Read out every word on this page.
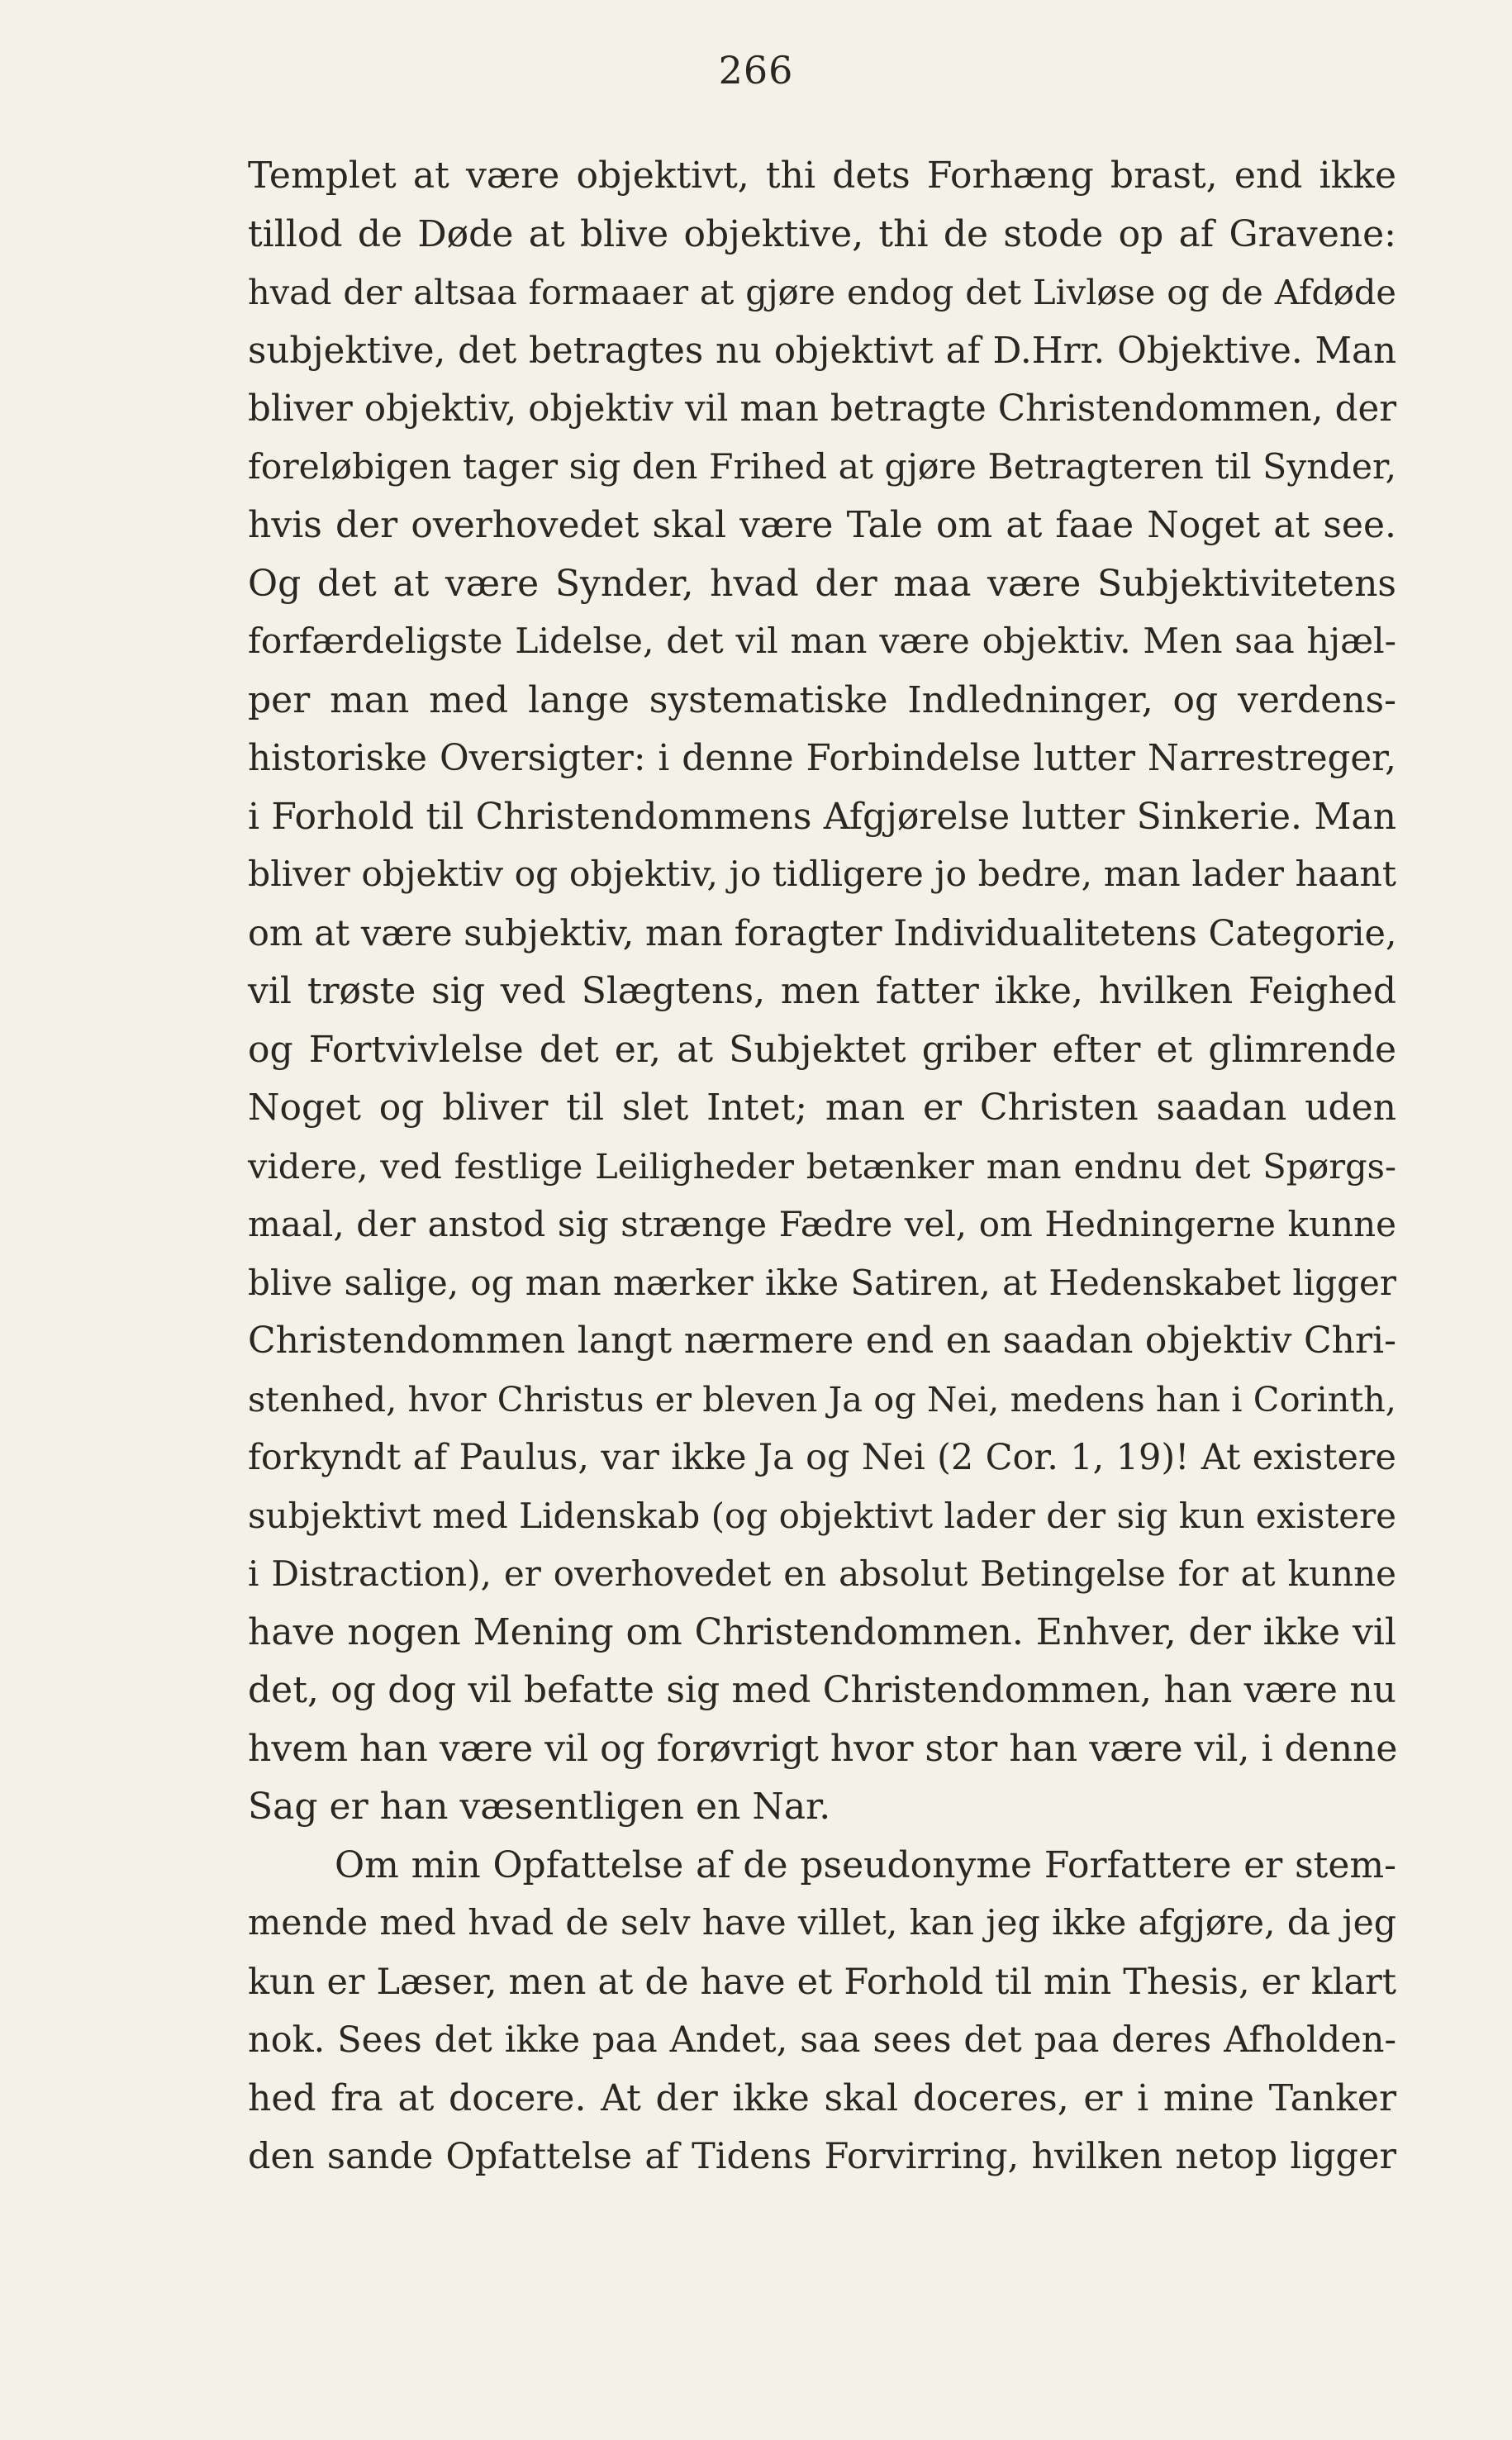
266
Templet at være objektivt, thi dets Forhæng brast, end ikke
tillod de Døde at blive objektive, thi de stode op af Gravene:
hvad der altsaa formaaer at gjøre endog det Livløse og de Afdøde
subjektive, det betragtes nu objektivt af D.Hrr. Objektive. Man
bliver objektiv, objektiv vil man betragte Christendommen, der
foreløbigen tager sig den Frihed at gjøre Betragteren til Synder,
hvis der overhovedet skal være Tale om at faae Noget at see.
Og det at være Synder, hvad der maa være Subjektivitetens
forfærdeligste Lidelse, det vil man være objektiv. Men saa hjæl-
per man med lange systematiske Indledninger, og verdens-
historiske Oversigter: i denne Forbindelse lutter Narrestreger,
i Forhold til Christendommens Afgjørelse lutter Sinkerie. Man
bliver objektiv og objektiv, jo tidligere jo bedre, man lader haant
om at være subjektiv, man foragter Individualitetens Categorie,
vil trøste sig ved Slægtens, men fatter ikke, hvilken Feighed
og Fortvivlelse det er, at Subjektet griber efter et glimrende
Noget og bliver til slet Intet; man er Christen saadan uden
videre, ved festlige Leiligheder betænker man endnu det Spørgs-
maal, der anstod sig strænge Fædre vel, om Hedningerne kunne
blive salige, og man mærker ikke Satiren, at Hedenskabet ligger
Christendommen langt nærmere end en saadan objektiv Chri-
stenhed, hvor Christus er bleven Ja og Nei, medens han i Corinth,
forkyndt af Paulus, var ikke Ja og Nei (2 Cor. 1, 19)! At existere
subjektivt med Lidenskab (og objektivt lader der sig kun existere
i Distraction), er overhovedet en absolut Betingelse for at kunne
have nogen Mening om Christendommen. Enhver, der ikke vil
det, og dog vil befatte sig med Christendommen, han være nu
hvem han være vil og forøvrigt hvor stor han være vil, i denne
Sag er han væsentligen en Nar.
Om min Opfattelse af de pseudonyme Forfattere er stem-
mende med hvad de selv have villet, kan jeg ikke afgjøre, da jeg
kun er Læser, men at de have et Forhold til min Thesis, er klart
nok. Sees det ikke paa Andet, saa sees det paa deres Afholden-
hed fra at docere. At der ikke skal doceres, er i mine Tanker
den sande Opfattelse af Tidens Forvirring, hvilken netop ligger
